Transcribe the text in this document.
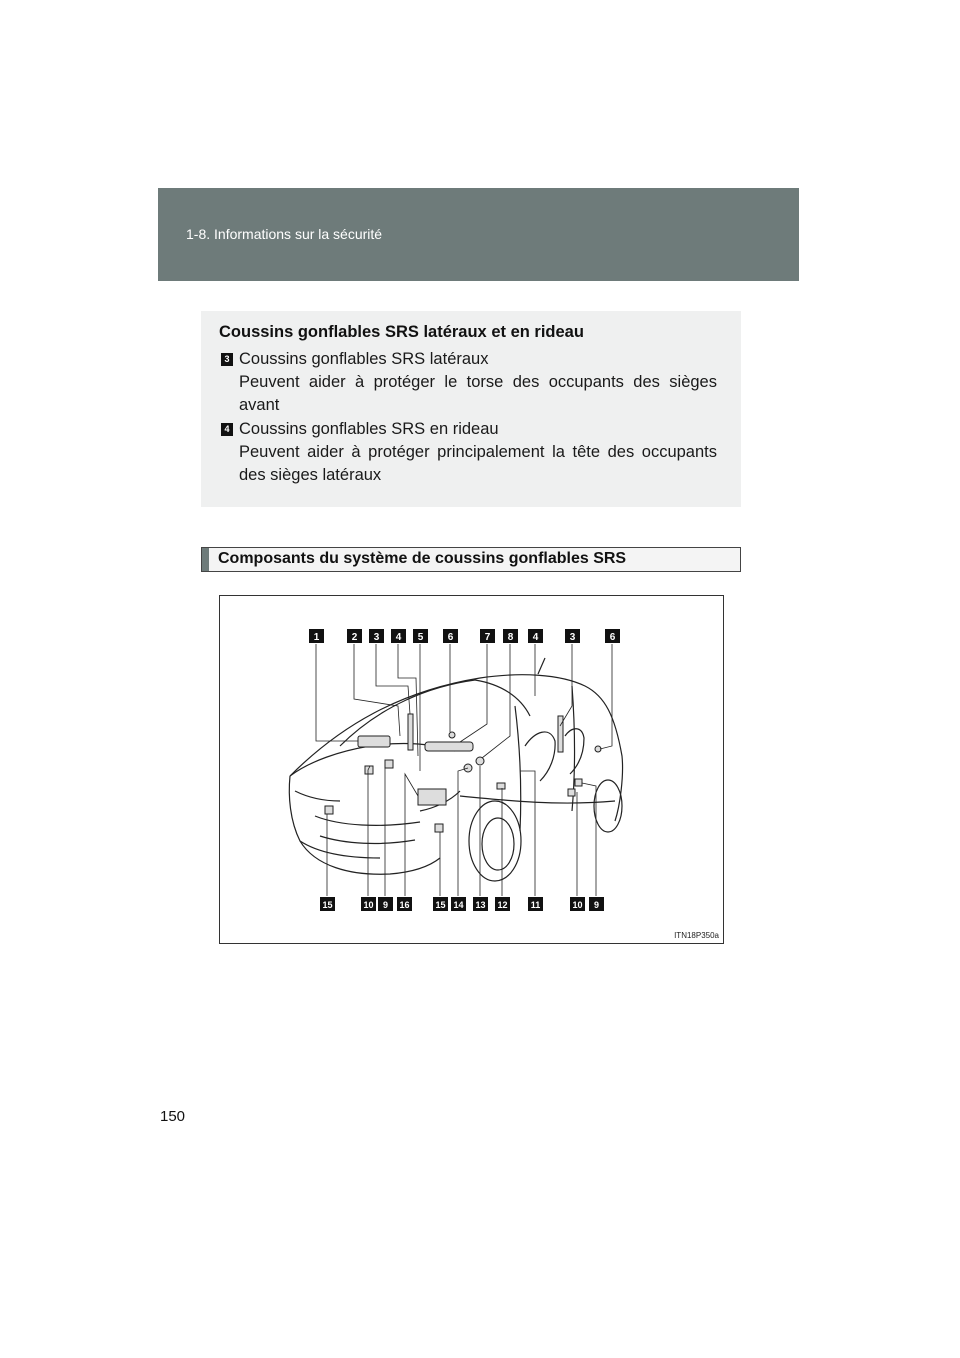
1-8. Informations sur la sécurité
Coussins gonflables SRS latéraux et en rideau
3 Coussins gonflables SRS latéraux
Peuvent aider à protéger le torse des occupants des sièges avant
4 Coussins gonflables SRS en rideau
Peuvent aider à protéger principalement la tête des occupants des sièges latéraux
Composants du système de coussins gonflables SRS
1	2 3 4 5 6	7 8 4	3	6
15	10 9 16	15 14 13 12	11	10 9
ITN18P350a
150
